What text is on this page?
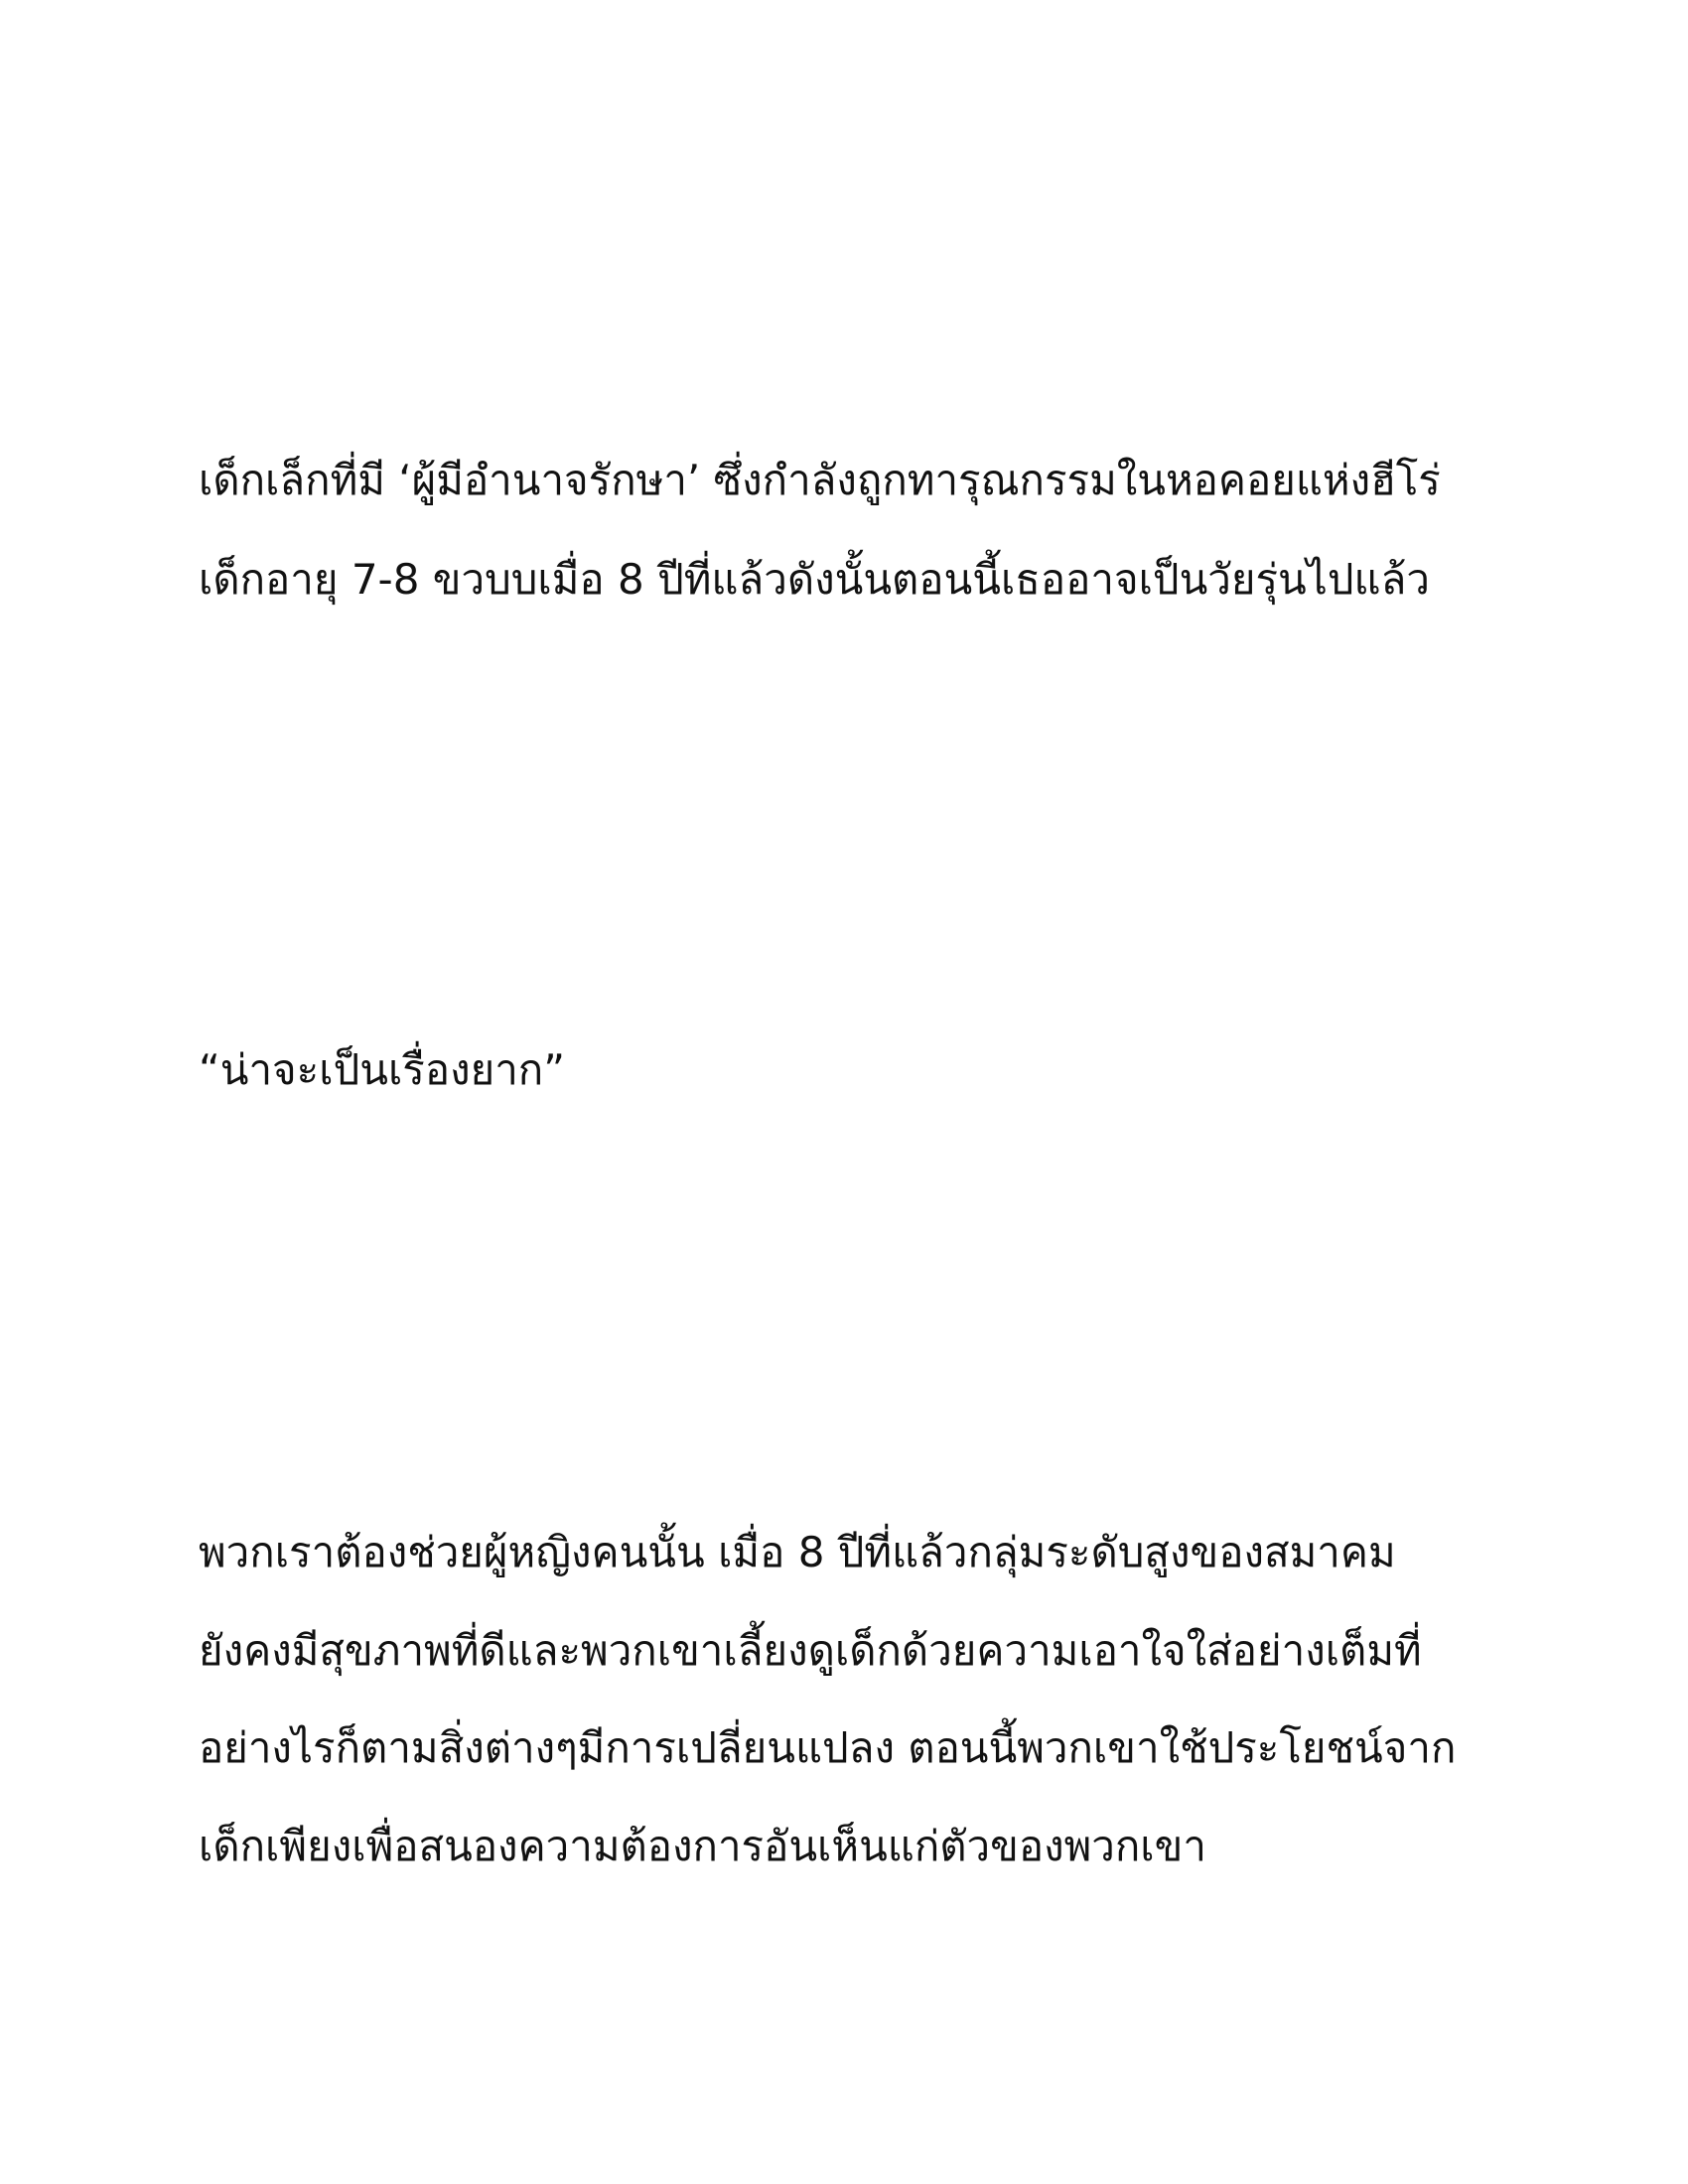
เด็กเล็กที่มี ‘ผู้มีอำนาจรักษา’ ซึ่งกำลังถูกทารุณกรรมในหอคอยแห่งฮีโร่
เด็กอายุ 7-8 ขวบบเมื่อ 8 ปีที่แล้วดังนั้นตอนนี้เธออาจเป็นวัยรุ่นไปแล้ว
“น่าจะเป็นเรื่องยาก”
พวกเราต้องช่วยผู้หญิงคนนั้น เมื่อ 8 ปีที่แล้วกลุ่มระดับสูงของสมาคม
ยังคงมีสุขภาพที่ดีและพวกเขาเลี้ยงดูเด็กด้วยความเอาใจใส่อย่างเต็มที่
อย่างไรก็ตามสิ่งต่างๆมีการเปลี่ยนแปลง ตอนนี้พวกเขาใช้ประโยชน์จาก
เด็กเพียงเพื่อสนองความต้องการอันเห็นแก่ตัวของพวกเขา
